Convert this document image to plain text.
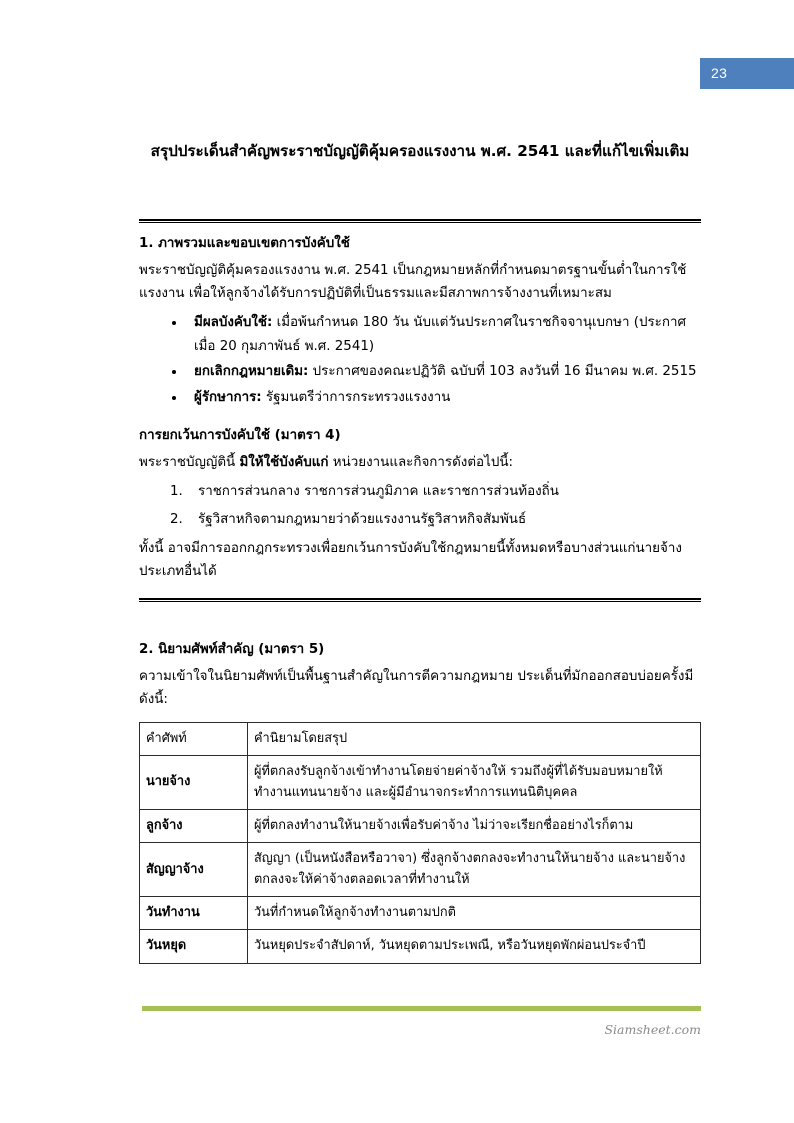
23
สรุปประเด็นสำคัญพระราชบัญญัติคุ้มครองแรงงาน พ.ศ. 2541 และที่แก้ไขเพิ่มเติม
1. ภาพรวมและขอบเขตการบังคับใช้

พระราชบัญญัติคุ้มครองแรงงาน พ.ศ. 2541 เป็นกฎหมายหลักที่กำหนดมาตรฐานขั้นต่ำในการใช้แรงงาน เพื่อให้ลูกจ้างได้รับการปฏิบัติที่เป็นธรรมและมีสภาพการจ้างงานที่เหมาะสม

• มีผลบังคับใช้: เมื่อพ้นกำหนด 180 วัน นับแต่วันประกาศในราชกิจจานุเบกษา (ประกาศเมื่อ 20 กุมภาพันธ์ พ.ศ. 2541)
• ยกเลิกกฎหมายเดิม: ประกาศของคณะปฏิวัติ ฉบับที่ 103 ลงวันที่ 16 มีนาคม พ.ศ. 2515
• ผู้รักษาการ: รัฐมนตรีว่าการกระทรวงแรงงาน
การยกเว้นการบังคับใช้ (มาตรา 4)

พระราชบัญญัตินี้ มิให้ใช้บังคับแก่ หน่วยงานและกิจการดังต่อไปนี้:

1. ราชการส่วนกลาง ราชการส่วนภูมิภาค และราชการส่วนท้องถิ่น
2. รัฐวิสาหกิจตามกฎหมายว่าด้วยแรงงานรัฐวิสาหกิจสัมพันธ์

ทั้งนี้ อาจมีการออกกฎกระทรวงเพื่อยกเว้นการบังคับใช้กฎหมายนี้ทั้งหมดหรือบางส่วนแก่นายจ้างประเภทอื่นได้

2. นิยามศัพท์สำคัญ (มาตรา 5)

ความเข้าใจในนิยามศัพท์เป็นพื้นฐานสำคัญในการตีความกฎหมาย ประเด็นที่มักออกสอบบ่อยครั้งมีดังนี้:

คำศัพท์	คำนิยามโดยสรุป
นายจ้าง	ผู้ที่ตกลงรับลูกจ้างเข้าทำงานโดยจ่ายค่าจ้างให้ รวมถึงผู้ที่ได้รับมอบหมายให้ทำงานแทนนายจ้าง และผู้มีอำนาจกระทำการแทนนิติบุคคล
ลูกจ้าง	ผู้ที่ตกลงทำงานให้นายจ้างเพื่อรับค่าจ้าง ไม่ว่าจะเรียกชื่ออย่างไรก็ตาม
สัญญาจ้าง	สัญญา (เป็นหนังสือหรือวาจา) ซึ่งลูกจ้างตกลงจะทำงานให้นายจ้าง และนายจ้างตกลงจะให้ค่าจ้างตลอดเวลาที่ทำงานให้
วันทำงาน	วันที่กำหนดให้ลูกจ้างทำงานตามปกติ
วันหยุด	วันหยุดประจำสัปดาห์, วันหยุดตามประเพณี, หรือวันหยุดพักผ่อนประจำปี
Siamsheet.com
